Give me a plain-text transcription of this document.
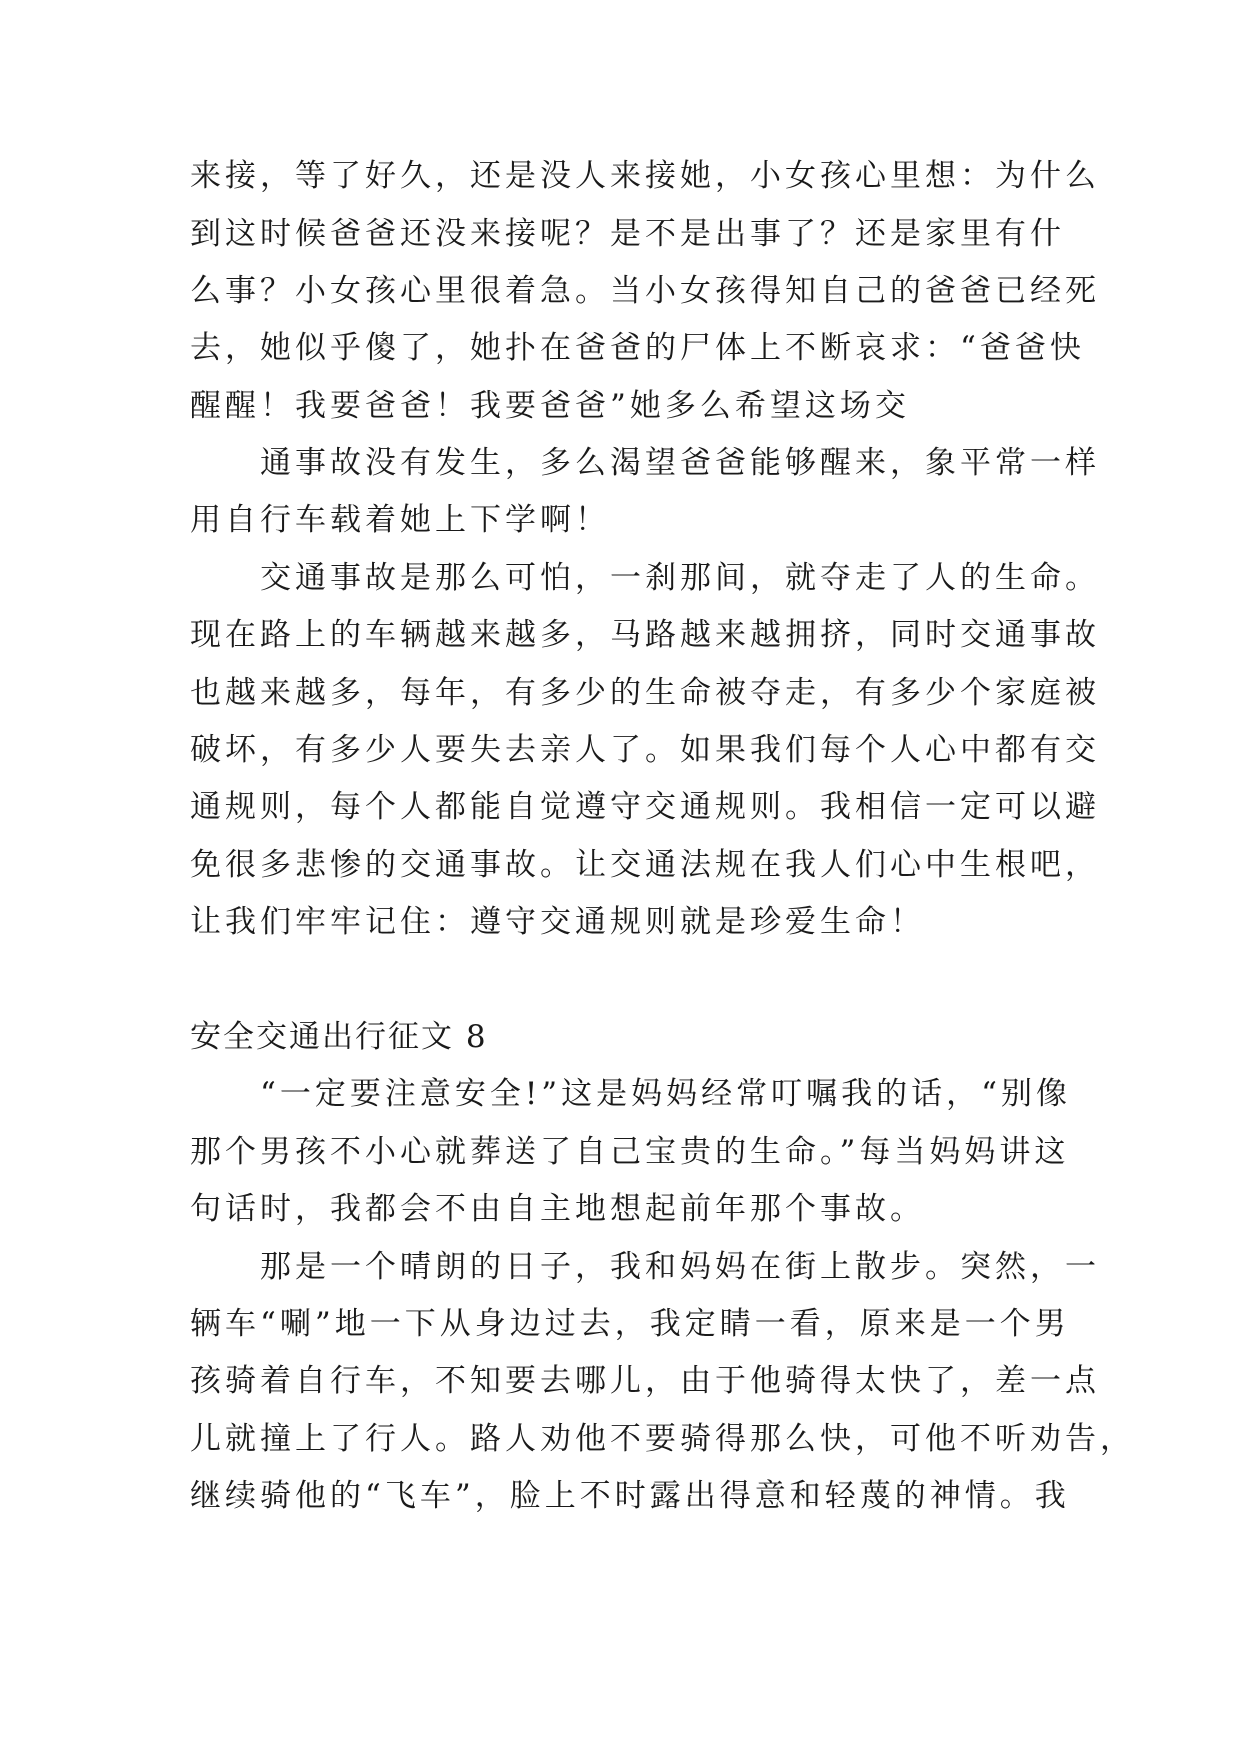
来接，等了好久，还是没人来接她，小女孩心里想：为什么
到这时候爸爸还没来接呢？是不是出事了？还是家里有什
么事？小女孩心里很着急。当小女孩得知自己的爸爸已经死
去，她似乎傻了，她扑在爸爸的尸体上不断哀求：“爸爸快
醒醒！我要爸爸！我要爸爸”她多么希望这场交
　　通事故没有发生，多么渴望爸爸能够醒来，象平常一样
用自行车载着她上下学啊！
　　交通事故是那么可怕，一刹那间，就夺走了人的生命。
现在路上的车辆越来越多，马路越来越拥挤，同时交通事故
也越来越多，每年，有多少的生命被夺走，有多少个家庭被
破坏，有多少人要失去亲人了。如果我们每个人心中都有交
通规则，每个人都能自觉遵守交通规则。我相信一定可以避
免很多悲惨的交通事故。让交通法规在我人们心中生根吧，
让我们牢牢记住：遵守交通规则就是珍爱生命！
安全交通出行征文 8
　　“一定要注意安全!”这是妈妈经常叮嘱我的话，“别像
那个男孩不小心就葬送了自己宝贵的生命。”每当妈妈讲这
句话时，我都会不由自主地想起前年那个事故。
　　那是一个晴朗的日子，我和妈妈在街上散步。突然，一
辆车“唰”地一下从身边过去，我定睛一看，原来是一个男
孩骑着自行车，不知要去哪儿，由于他骑得太快了，差一点
儿就撞上了行人。路人劝他不要骑得那么快，可他不听劝告，
继续骑他的“飞车”，脸上不时露出得意和轻蔑的神情。我
